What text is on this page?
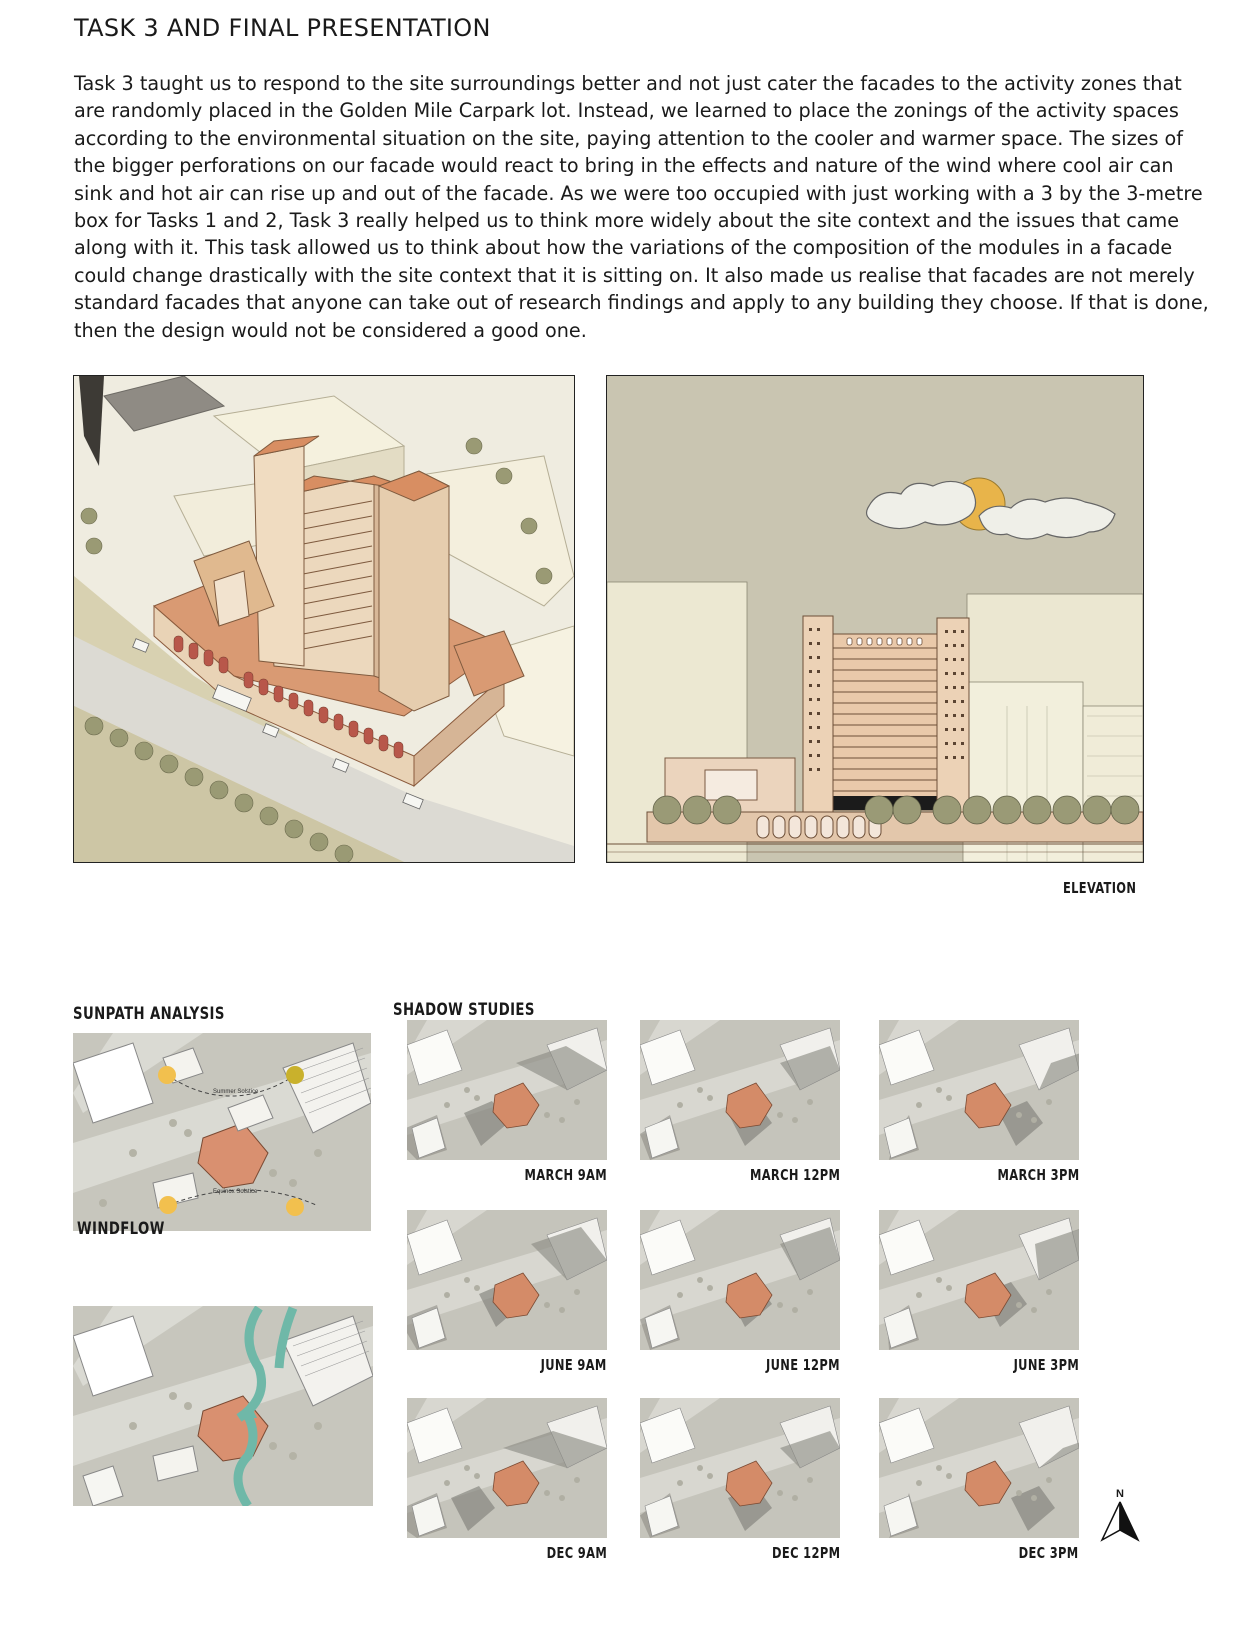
TASK 3 AND FINAL PRESENTATION
Task 3 taught us to respond to the site surroundings better and not just cater the facades to the activity zones that
are randomly placed in the Golden Mile Carpark lot. Instead, we learned to place the zonings of the activity spaces
according to the environmental situation on the site, paying attention to the cooler and warmer space. The sizes of
the bigger perforations on our facade would react to bring in the effects and nature of the wind where cool air can
sink and hot air can rise up and out of the facade. As we were too occupied with just working with a 3 by the 3-metre
box for Tasks 1 and 2, Task 3 really helped us to think more widely about the site context and the issues that came
along with it. This task allowed us to think about how the variations of the composition of the modules in a facade
could change drastically with the site context that it is sitting on. It also made us realise that facades are not merely
standard facades that anyone can take out of research findings and apply to any building they choose. If that is done,
then the design would not be considered a good one.
ELEVATION
SUNPATH ANALYSIS	SHADOW STUDIES
Summer Solstice
Equinox Solstice
WINDFLOW
MARCH 9AM	MARCH 12PM	MARCH 3PM
JUNE 9AM	JUNE 12PM	JUNE 3PM
DEC 9AM	DEC 12PM	DEC 3PM
N
